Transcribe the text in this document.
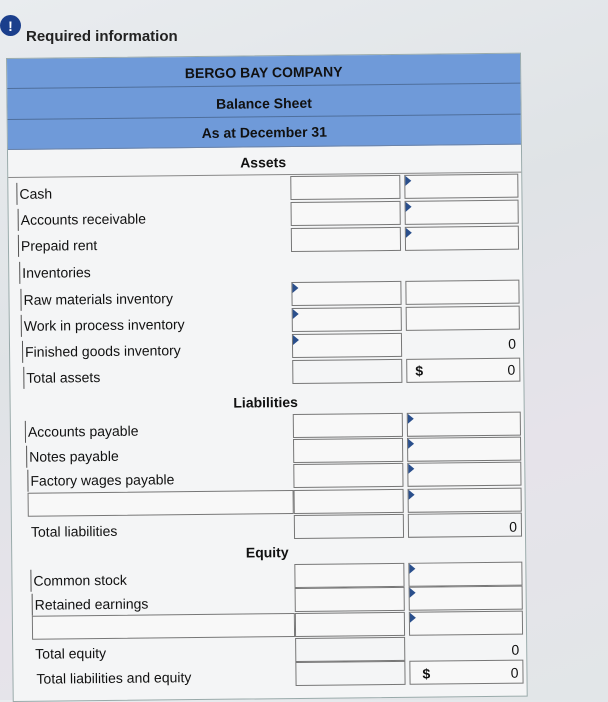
!
Required information
BERGO BAY COMPANY
Balance Sheet
As at December 31
Assets
Cash
Accounts receivable
Prepaid rent
Inventories
Raw materials inventory
Work in process inventory
Finished goods inventory	0
Total assets	$	0
Liabilities
Accounts payable
Notes payable
Factory wages payable
Total liabilities	0
Equity
Common stock
Retained earnings
Total equity	0
Total liabilities and equity	$	0
